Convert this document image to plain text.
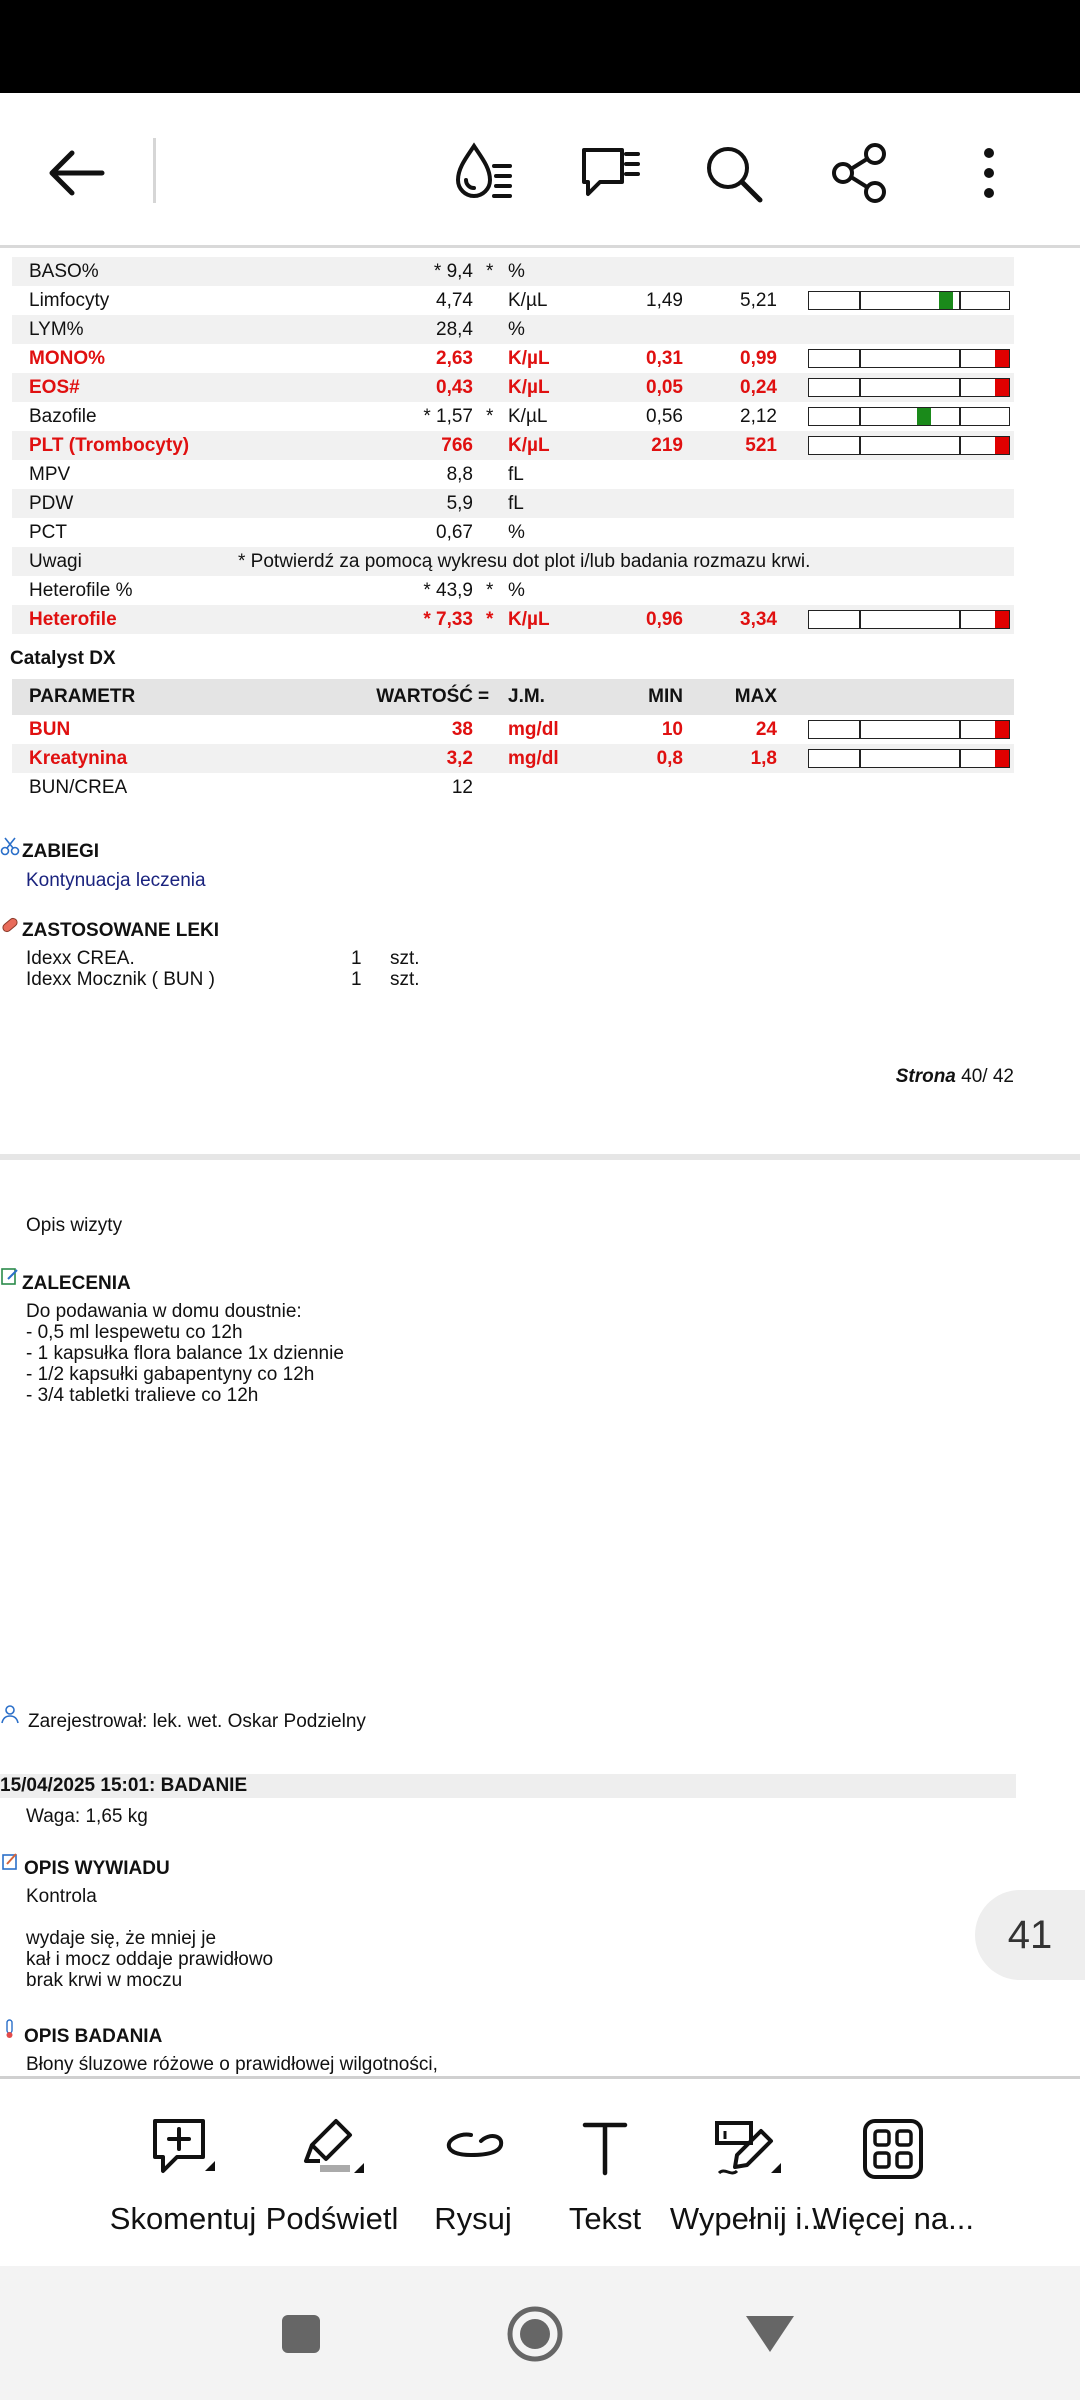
BASO%	* 9,4 * %
Limfocyty	4,74 K/µL	1,49	5,21
LYM%	28,4 %
MONO%	2,63 K/µL	0,31	0,99
EOS#	0,43 K/µL	0,05	0,24
Bazofile	* 1,57 * K/µL	0,56	2,12
PLT (Trombocyty)	766 K/µL	219	521
MPV	8,8 fL
PDW	5,9 fL
PCT	0,67 %
Uwagi	* Potwierdź za pomocą wykresu dot plot i/lub badania rozmazu krwi.
Heterofile %	* 43,9 * %
Heterofile	* 7,33 * K/µL	0,96	3,34
Catalyst DX
PARAMETR	WARTOŚĆ = J.M.	MIN	MAX
BUN	38 mg/dl	10	24
Kreatynina	3,2 mg/dl	0,8	1,8
BUN/CREA	12
ZABIEGI
Kontynuacja leczenia
ZASTOSOWANE LEKI
Idexx CREA.	1 szt.
Idexx Mocznik ( BUN )	1 szt.
Strona 40/ 42
Opis wizyty
ZALECENIA
Do podawania w domu doustnie:
- 0,5 ml lespewetu co 12h
- 1 kapsułka flora balance 1x dziennie
- 1/2 kapsułki gabapentyny co 12h
- 3/4 tabletki tralieve co 12h
Zarejestrował: lek. wet. Oskar Podzielny
15/04/2025 15:01: BADANIE
Waga: 1,65 kg
OPIS WYWIADU
Kontrola

wydaje się, że mniej je
kał i mocz oddaje prawidłowo
brak krwi w moczu
OPIS BADANIA
Błony śluzowe różowe o prawidłowej wilgotności,
41
Skomentuj Podświetl Rysuj Tekst Wypełnij i...
Więcej na...
